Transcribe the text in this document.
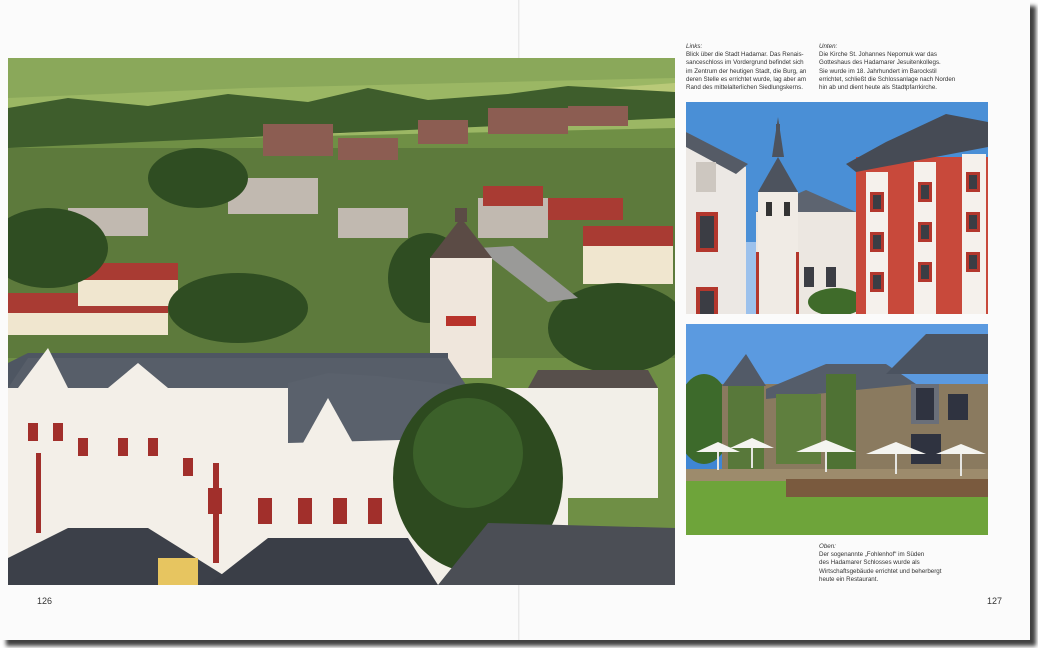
Links:
Blick über die Stadt Hadamar. Das Renais-
sanceschloss im Vordergrund befindet sich
im Zentrum der heutigen Stadt, die Burg, an
deren Stelle es errichtet wurde, lag aber am
Rand des mittelalterlichen Siedlungskerns.
Unten:
Die Kirche St. Johannes Nepomuk war das
Gotteshaus des Hadamarer Jesuitenkollegs.
Sie wurde im 18. Jahrhundert im Barockstil
errichtet, schließt die Schlossanlage nach Norden
hin ab und dient heute als Stadtpfarrkirche.
Oben:
Der sogenannte „Fohlenhof“ im Süden
des Hadamarer Schlosses wurde als
Wirtschaftsgebäude errichtet und beherbergt
heute ein Restaurant.
126	127
